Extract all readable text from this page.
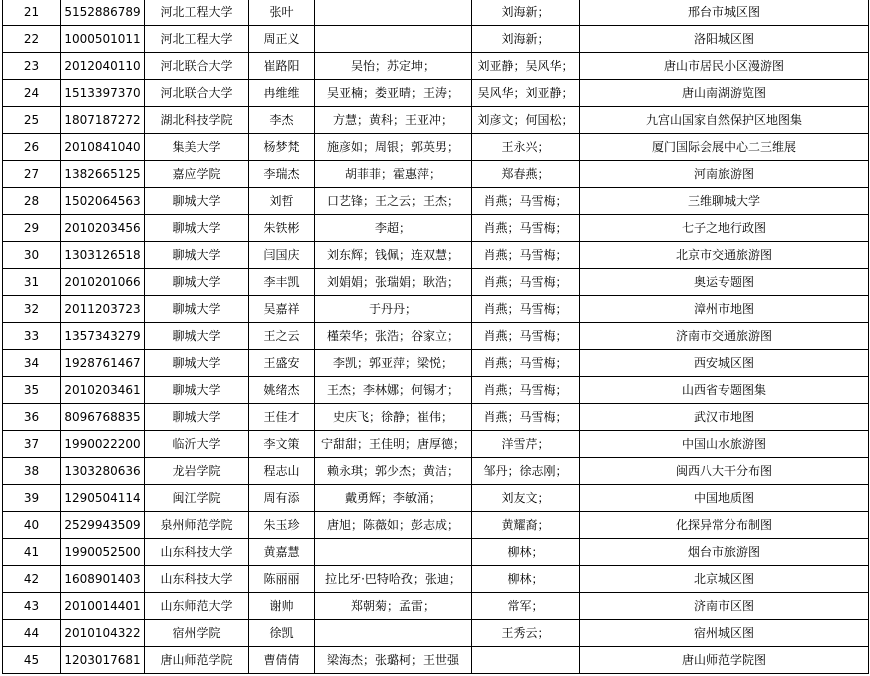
21	5152886789	河北工程大学	张叶		刘海新；	邢台市城区图
22	1000501011	河北工程大学	周正义		刘海新；	洛阳城区图
23	2012040110	河北联合大学	崔路阳	吴怡；苏定坤；	刘亚静；吴风华；	唐山市居民小区漫游图
24	1513397370	河北联合大学	冉维维	吴亚楠；娄亚晴；王涛；	吴风华；刘亚静；	唐山南湖游览图
25	1807187272	湖北科技学院	李杰	方慧；黄科；王亚冲；	刘彦文；何国松；	九宫山国家自然保护区地图集
26	2010841040	集美大学	杨梦梵	施彦如；周银；郭英男；	王永兴；	厦门国际会展中心二三维展
27	1382665125	嘉应学院	李瑞杰	胡菲菲；霍惠萍；	郑春燕；	河南旅游图
28	1502064563	聊城大学	刘哲	口艺锋；王之云；王杰；	肖燕；马雪梅；	三维聊城大学
29	2010203456	聊城大学	朱铁彬	李超；	肖燕；马雪梅；	七子之地行政图
30	1303126518	聊城大学	闫国庆	刘东辉；钱佩；连双慧；	肖燕；马雪梅；	北京市交通旅游图
31	2010201066	聊城大学	李丰凯	刘娟娟；张瑞娟；耿浩；	肖燕；马雪梅；	奥运专题图
32	2011203723	聊城大学	吴嘉祥	于丹丹；	肖燕；马雪梅；	漳州市地图
33	1357343279	聊城大学	王之云	槿荣华；张浩；谷家立；	肖燕；马雪梅；	济南市交通旅游图
34	1928761467	聊城大学	王盛安	李凯；郭亚萍；梁悦；	肖燕；马雪梅；	西安城区图
35	2010203461	聊城大学	姚绪杰	王杰；李林娜；何锡才；	肖燕；马雪梅；	山西省专题图集
36	8096768835	聊城大学	王佳才	史庆飞；徐静；崔伟；	肖燕；马雪梅；	武汉市地图
37	1990022200	临沂大学	李文策	宁甜甜；王佳明；唐厚德；	洋雪芹；	中国山水旅游图
38	1303280636	龙岩学院	程志山	赖永琪；郭少杰；黄洁；	邹丹；徐志刚；	闽西八大干分布图
39	1290504114	闽江学院	周有添	戴勇辉；李敏涌；	刘友文；	中国地质图
40	2529943509	泉州师范学院	朱玉珍	唐旭；陈薇如；彭志成；	黄耀裔；	化探异常分布制图
41	1990052500	山东科技大学	黄嘉慧		柳林；	烟台市旅游图
42	1608901403	山东科技大学	陈丽丽	拉比牙·巴特哈孜；张迪；	柳林；	北京城区图
43	2010014401	山东师范大学	谢帅	郑朝菊；孟雷；	常军；	济南市区图
44	2010104322	宿州学院	徐凯		王秀云；	宿州城区图
45	1203017681	唐山师范学院	曹倩倩	梁海杰；张璐柯；王世强		唐山师范学院图
